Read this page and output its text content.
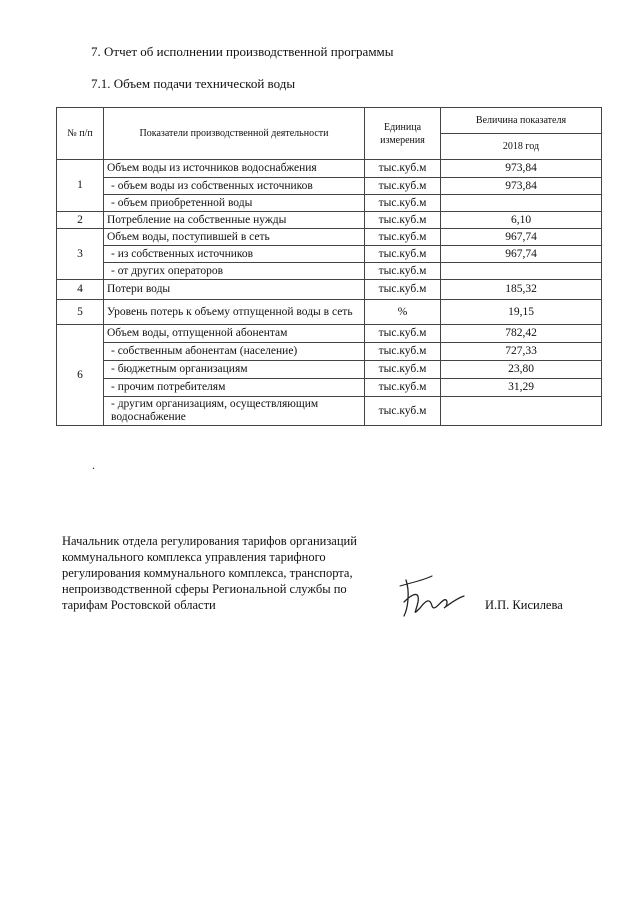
7. Отчет об исполнении производственной программы
7.1. Объем подачи технической воды
№ п/п	Показатели производственной деятельности	Единица измерения	Величина показателя
			2018 год
1	Объем воды из источников водоснабжения	тыс.куб.м	973,84
	- объем воды из собственных источников	тыс.куб.м	973,84
	- объем приобретенной воды	тыс.куб.м	
2	Потребление на собственные нужды	тыс.куб.м	6,10
3	Объем воды, поступившей в сеть	тыс.куб.м	967,74
	- из собственных источников	тыс.куб.м	967,74
	- от других операторов	тыс.куб.м	
4	Потери воды	тыс.куб.м	185,32
5	Уровень потерь к объему отпущенной воды в сеть	%	19,15
6	Объем воды, отпущенной абонентам	тыс.куб.м	782,42
	- собственным абонентам (население)	тыс.куб.м	727,33
	- бюджетным организациям	тыс.куб.м	23,80
	- прочим потребителям	тыс.куб.м	31,29
	- другим организациям, осуществляющим водоснабжение	тыс.куб.м	
.
Начальник отдела регулирования тарифов организаций коммунального комплекса управления тарифного регулирования коммунального комплекса, транспорта, непроизводственной сферы Региональной службы по тарифам Ростовской области	И.П. Кисилева
